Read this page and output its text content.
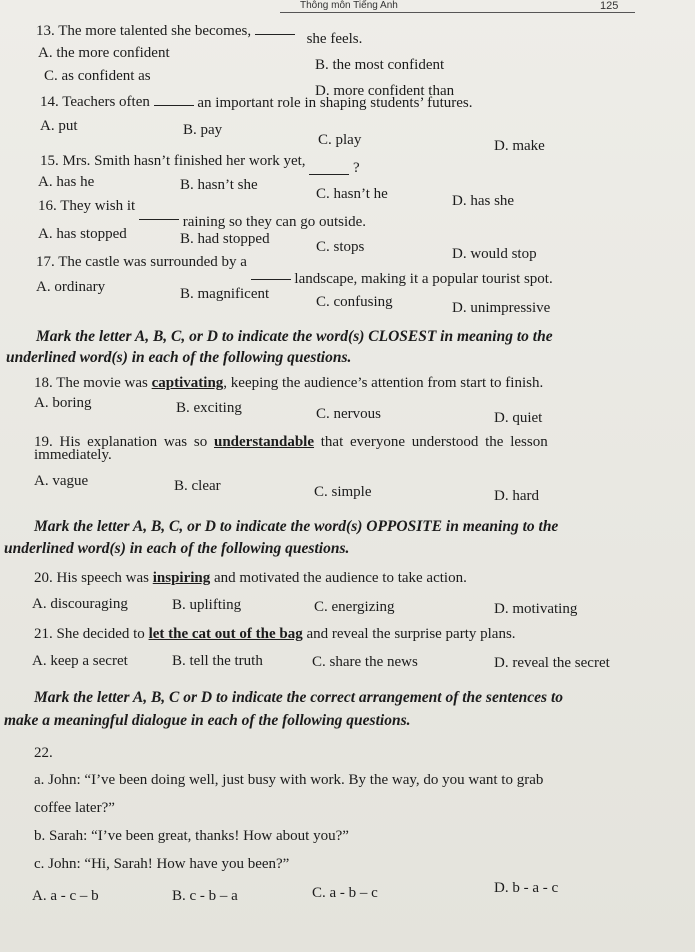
Thông môn Tiếng Anh	125
13. The more talented she becomes,	she feels.
A. the more confident
B. the most confident
C. as confident as
D. more confident than
14. Teachers often	an important role in shaping students’ futures.
A. put	B. pay
C. play	D. make
15. Mrs. Smith hasn’t finished her work yet,	?
A. has he	B. hasn’t she
C. hasn’t he	D. has she
16. They wish it  raining so they can go outside.
A. has stopped	B. had stopped	C. stops	D. would stop
17. The castle was surrounded by a  landscape, making it a popular tourist spot.
A. ordinary	B. magnificent	C. confusing	D. unimpressive
Mark the letter A, B, C, or D to indicate the word(s) CLOSEST in meaning to the
underlined word(s) in each of the following questions.
18. The movie was captivating, keeping the audience’s attention from start to finish.
A. boring	B. exciting	C. nervous	D. quiet
19. His explanation was so understandable that everyone understood the lesson
immediately.
A. vague	B. clear	C. simple	D. hard
Mark the letter A, B, C, or D to indicate the word(s) OPPOSITE in meaning to the
underlined word(s) in each of the following questions.
20. His speech was inspiring and motivated the audience to take action.
A. discouraging	B. uplifting	C. energizing	D. motivating
21. She decided to let the cat out of the bag and reveal the surprise party plans.
A. keep a secret	B. tell the truth	C. share the news	D. reveal the secret
Mark the letter A, B, C or D to indicate the correct arrangement of the sentences to
make a meaningful dialogue in each of the following questions.
22.
a. John: “I’ve been doing well, just busy with work. By the way, do you want to grab
coffee later?”
b. Sarah: “I’ve been great, thanks! How about you?”
c. John: “Hi, Sarah! How have you been?”
A. a - c – b	B. c - b – a	C. a - b – c	D. b - a - c
